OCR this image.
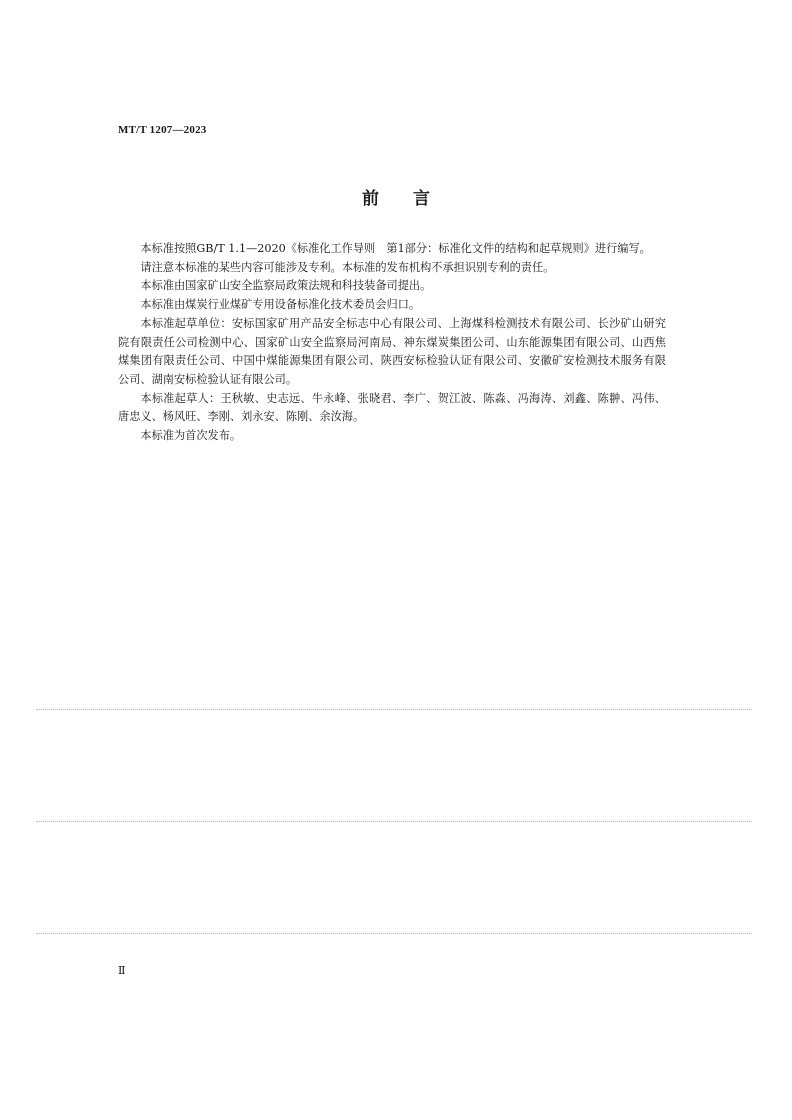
MT/T 1207—2023
前　　言

本标准按照GB/T 1.1—2020《标准化工作导则　第1部分：标准化文件的结构和起草规则》进行编写。

请注意本标准的某些内容可能涉及专利。本标准的发布机构不承担识别专利的责任。

本标准由国家矿山安全监察局政策法规和科技装备司提出。

本标准由煤炭行业煤矿专用设备标准化技术委员会归口。

本标准起草单位：安标国家矿用产品安全标志中心有限公司、上海煤科检测技术有限公司、长沙矿山研究院有限责任公司检测中心、国家矿山安全监察局河南局、神东煤炭集团公司、山东能源集团有限公司、山西焦煤集团有限责任公司、中国中煤能源集团有限公司、陕西安标检验认证有限公司、安徽矿安检测技术服务有限公司、湖南安标检验认证有限公司。

本标准起草人：王秋敏、史志远、牛永峰、张晓君、李广、贺江波、陈淼、冯海涛、刘鑫、陈翀、冯伟、唐忠义、杨风旺、李刚、刘永安、陈刚、余汝海。

本标准为首次发布。

Ⅱ
